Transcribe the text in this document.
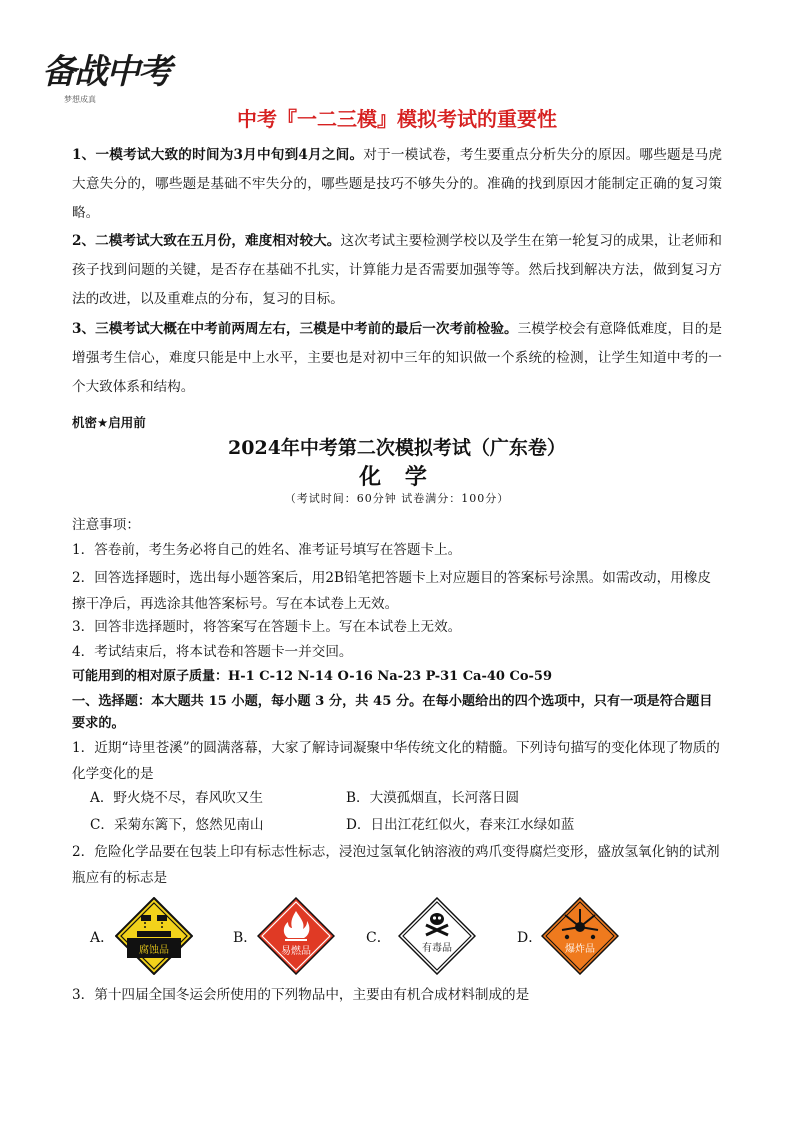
备战中考
梦想成真
中考『一二三模』模拟考试的重要性
1、一模考试大致的时间为3月中旬到4月之间。对于一模试卷，考生要重点分析失分的原因。哪些题是马虎大意失分的，哪些题是基础不牢失分的，哪些题是技巧不够失分的。准确的找到原因才能制定正确的复习策略。
2、二模考试大致在五月份，难度相对较大。这次考试主要检测学校以及学生在第一轮复习的成果，让老师和孩子找到问题的关键，是否存在基础不扎实，计算能力是否需要加强等等。然后找到解决方法，做到复习方法的改进，以及重难点的分布，复习的目标。
3、三模考试大概在中考前两周左右，三模是中考前的最后一次考前检验。三模学校会有意降低难度，目的是增强考生信心，难度只能是中上水平，主要也是对初中三年的知识做一个系统的检测，让学生知道中考的一个大致体系和结构。
机密★启用前
2024年中考第二次模拟考试（广东卷）
化 学
（考试时间：60分钟 试卷满分：100分）
注意事项：
1．答卷前，考生务必将自己的姓名、准考证号填写在答题卡上。
2．回答选择题时，选出每小题答案后，用2B铅笔把答题卡上对应题目的答案标号涂黑。如需改动，用橡皮擦干净后，再选涂其他答案标号。写在本试卷上无效。
3．回答非选择题时，将答案写在答题卡上。写在本试卷上无效。
4．考试结束后，将本试卷和答题卡一并交回。
可能用到的相对原子质量：H-1 C-12 N-14 O-16 Na-23 P-31 Ca-40 Co-59
一、选择题：本大题共 15 小题，每小题 3 分，共 45 分。在每小题给出的四个选项中，只有一项是符合题目要求的。
1．近期“诗里苍溪”的圆满落幕，大家了解诗词凝聚中华传统文化的精髓。下列诗句描写的变化体现了物质的化学变化的是
A．野火烧不尽，春风吹又生	B．大漠孤烟直，长河落日圆
C．采菊东篱下，悠然见南山	D．日出江花红似火，春来江水绿如蓝
2．危险化学品要在包装上印有标志性标志，浸泡过氢氧化钠溶液的鸡爪变得腐烂变形，盛放氢氧化钠的试剂瓶应有的标志是
A．
腐蚀品
B．
易燃品
C．
有毒品
D．
爆炸品
3．第十四届全国冬运会所使用的下列物品中，主要由有机合成材料制成的是
